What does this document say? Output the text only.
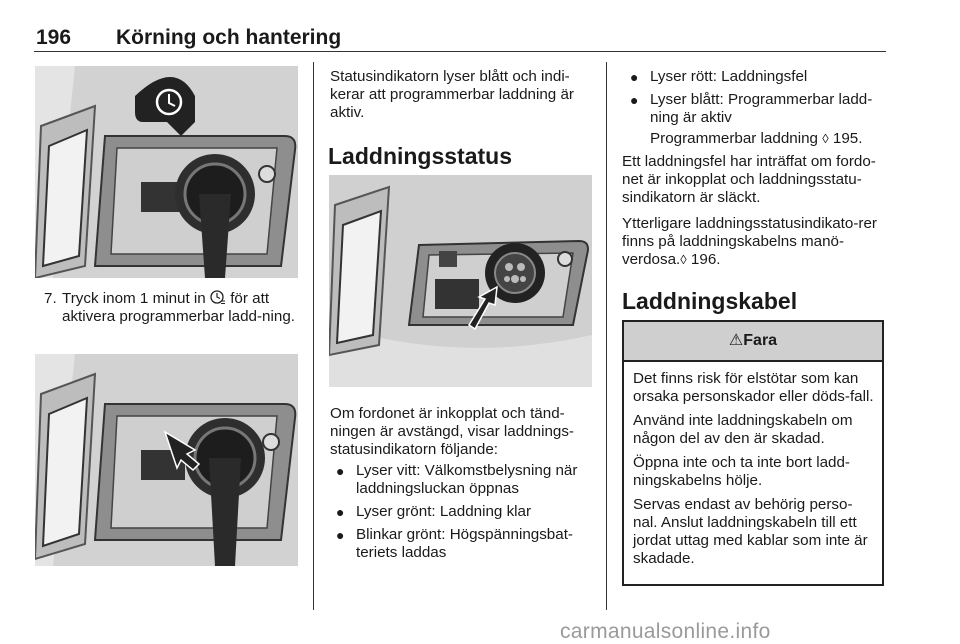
196 Körning och hantering
7. Tryck inom 1 minut in  för att aktivera programmerbar ladd-ning.
Statusindikatorn lyser blått och indi-kerar att programmerbar laddning är aktiv.
Laddningsstatus
Om fordonet är inkopplat och tänd-ningen är avstängd, visar laddnings-statusindikatorn följande:
● Lyser vitt: Välkomstbelysning när laddningsluckan öppnas
● Lyser grönt: Laddning klar
● Blinkar grönt: Högspänningsbat-teriets laddas
● Lyser rött: Laddningsfel
● Lyser blått: Programmerbar ladd-ning är aktiv
Programmerbar laddning ◊ 195.
Ett laddningsfel har inträffat om fordo-net är inkopplat och laddningsstatu-sindikatorn är släckt.
Ytterligare laddningsstatusindikato-rer finns på laddningskabelns manö-verdosa.◊ 196.
Laddningskabel
⚠Fara

Det finns risk för elstötar som kan orsaka personskador eller döds-fall.

Använd inte laddningskabeln om någon del av den är skadad.

Öppna inte och ta inte bort ladd-ningskabelns hölje.

Servas endast av behörig perso-nal. Anslut laddningskabeln till ett jordat uttag med kablar som inte är skadade.

carmanualsonline.info
